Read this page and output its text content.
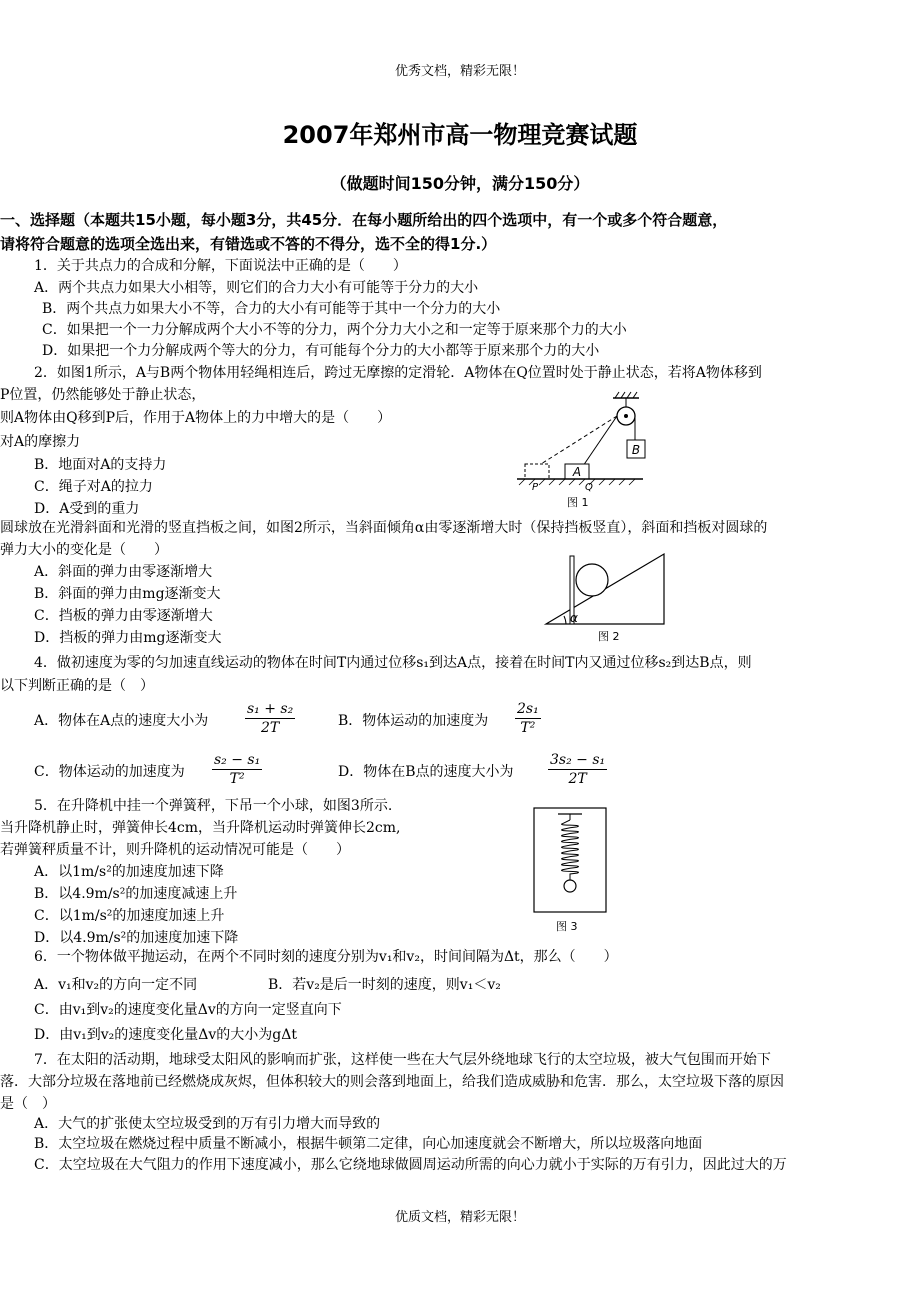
优秀文档，精彩无限！
2007年郑州市高一物理竞赛试题
（做题时间150分钟，满分150分）
一、选择题（本题共15小题，每小题3分，共45分．在每小题所给出的四个选项中，有一个或多个符合题意，
请将符合题意的选项全选出来，有错选或不答的不得分，选不全的得1分.）
1．关于共点力的合成和分解，下面说法中正确的是（　　）
A．两个共点力如果大小相等，则它们的合力大小有可能等于分力的大小
B．两个共点力如果大小不等，合力的大小有可能等于其中一个分力的大小
C．如果把一个一力分解成两个大小不等的分力，两个分力大小之和一定等于原来那个力的大小
D．如果把一个力分解成两个等大的分力，有可能每个分力的大小都等于原来那个力的大小
2．如图1所示，A与B两个物体用轻绳相连后，跨过无摩擦的定滑轮．A物体在Q位置时处于静止状态，若将A物体移到
P位置，仍然能够处于静止状态，
则A物体由Q移到P后，作用于A物体上的力中增大的是（　　）
对A的摩擦力
B．地面对A的支持力
C．绳子对A的拉力
D．A受到的重力
B
A
P	Q
图 1
圆球放在光滑斜面和光滑的竖直挡板之间，如图2所示，当斜面倾角α由零逐渐增大时（保持挡板竖直），斜面和挡板对圆球的
弹力大小的变化是（　　）
A．斜面的弹力由零逐渐增大
B．斜面的弹力由mg逐渐变大
C．挡板的弹力由零逐渐增大
D．挡板的弹力由mg逐渐变大
α
图 2
4．做初速度为零的匀加速直线运动的物体在时间T内通过位移s₁到达A点，接着在时间T内又通过位移s₂到达B点，则
以下判断正确的是（　）
A．物体在A点的速度大小为	$\frac{\text{s₁ + s₂}}{2T}$	B．物体运动的加速度为 $\frac{\text{2s₁}}{\text{T²}}$
C．物体运动的加速度为 $\frac{\text{s₂ − s₁}}{\text{T²}}$	D．物体在B点的速度大小为 $\frac{\text{3s₂ − s₁}}{2T}$
5．在升降机中挂一个弹簧秤，下吊一个小球，如图3所示.
当升降机静止时，弹簧伸长4cm，当升降机运动时弹簧伸长2cm,
若弹簧秤质量不计，则升降机的运动情况可能是（　　）
A．以1m/s²的加速度加速下降
B．以4.9m/s²的加速度减速上升
C．以1m/s²的加速度加速上升
D．以4.9m/s²的加速度加速下降
图 3
6．一个物体做平抛运动，在两个不同时刻的速度分别为v₁和v₂，时间间隔为Δt，那么（　　）
A．v₁和v₂的方向一定不同	B．若v₂是后一时刻的速度，则v₁＜v₂
C．由v₁到v₂的速度变化量Δv的方向一定竖直向下
D．由v₁到v₂的速度变化量Δv的大小为gΔt
7．在太阳的活动期，地球受太阳风的影响而扩张，这样使一些在大气层外绕地球飞行的太空垃圾，被大气包围而开始下
落．大部分垃圾在落地前已经燃烧成灰烬，但体积较大的则会落到地面上，给我们造成威胁和危害．那么，太空垃圾下落的原因
是（　）
A．大气的扩张使太空垃圾受到的万有引力增大而导致的
B．太空垃圾在燃烧过程中质量不断减小，根据牛顿第二定律，向心加速度就会不断增大，所以垃圾落向地面
C．太空垃圾在大气阻力的作用下速度减小，那么它绕地球做圆周运动所需的向心力就小于实际的万有引力，因此过大的万
优质文档，精彩无限！
